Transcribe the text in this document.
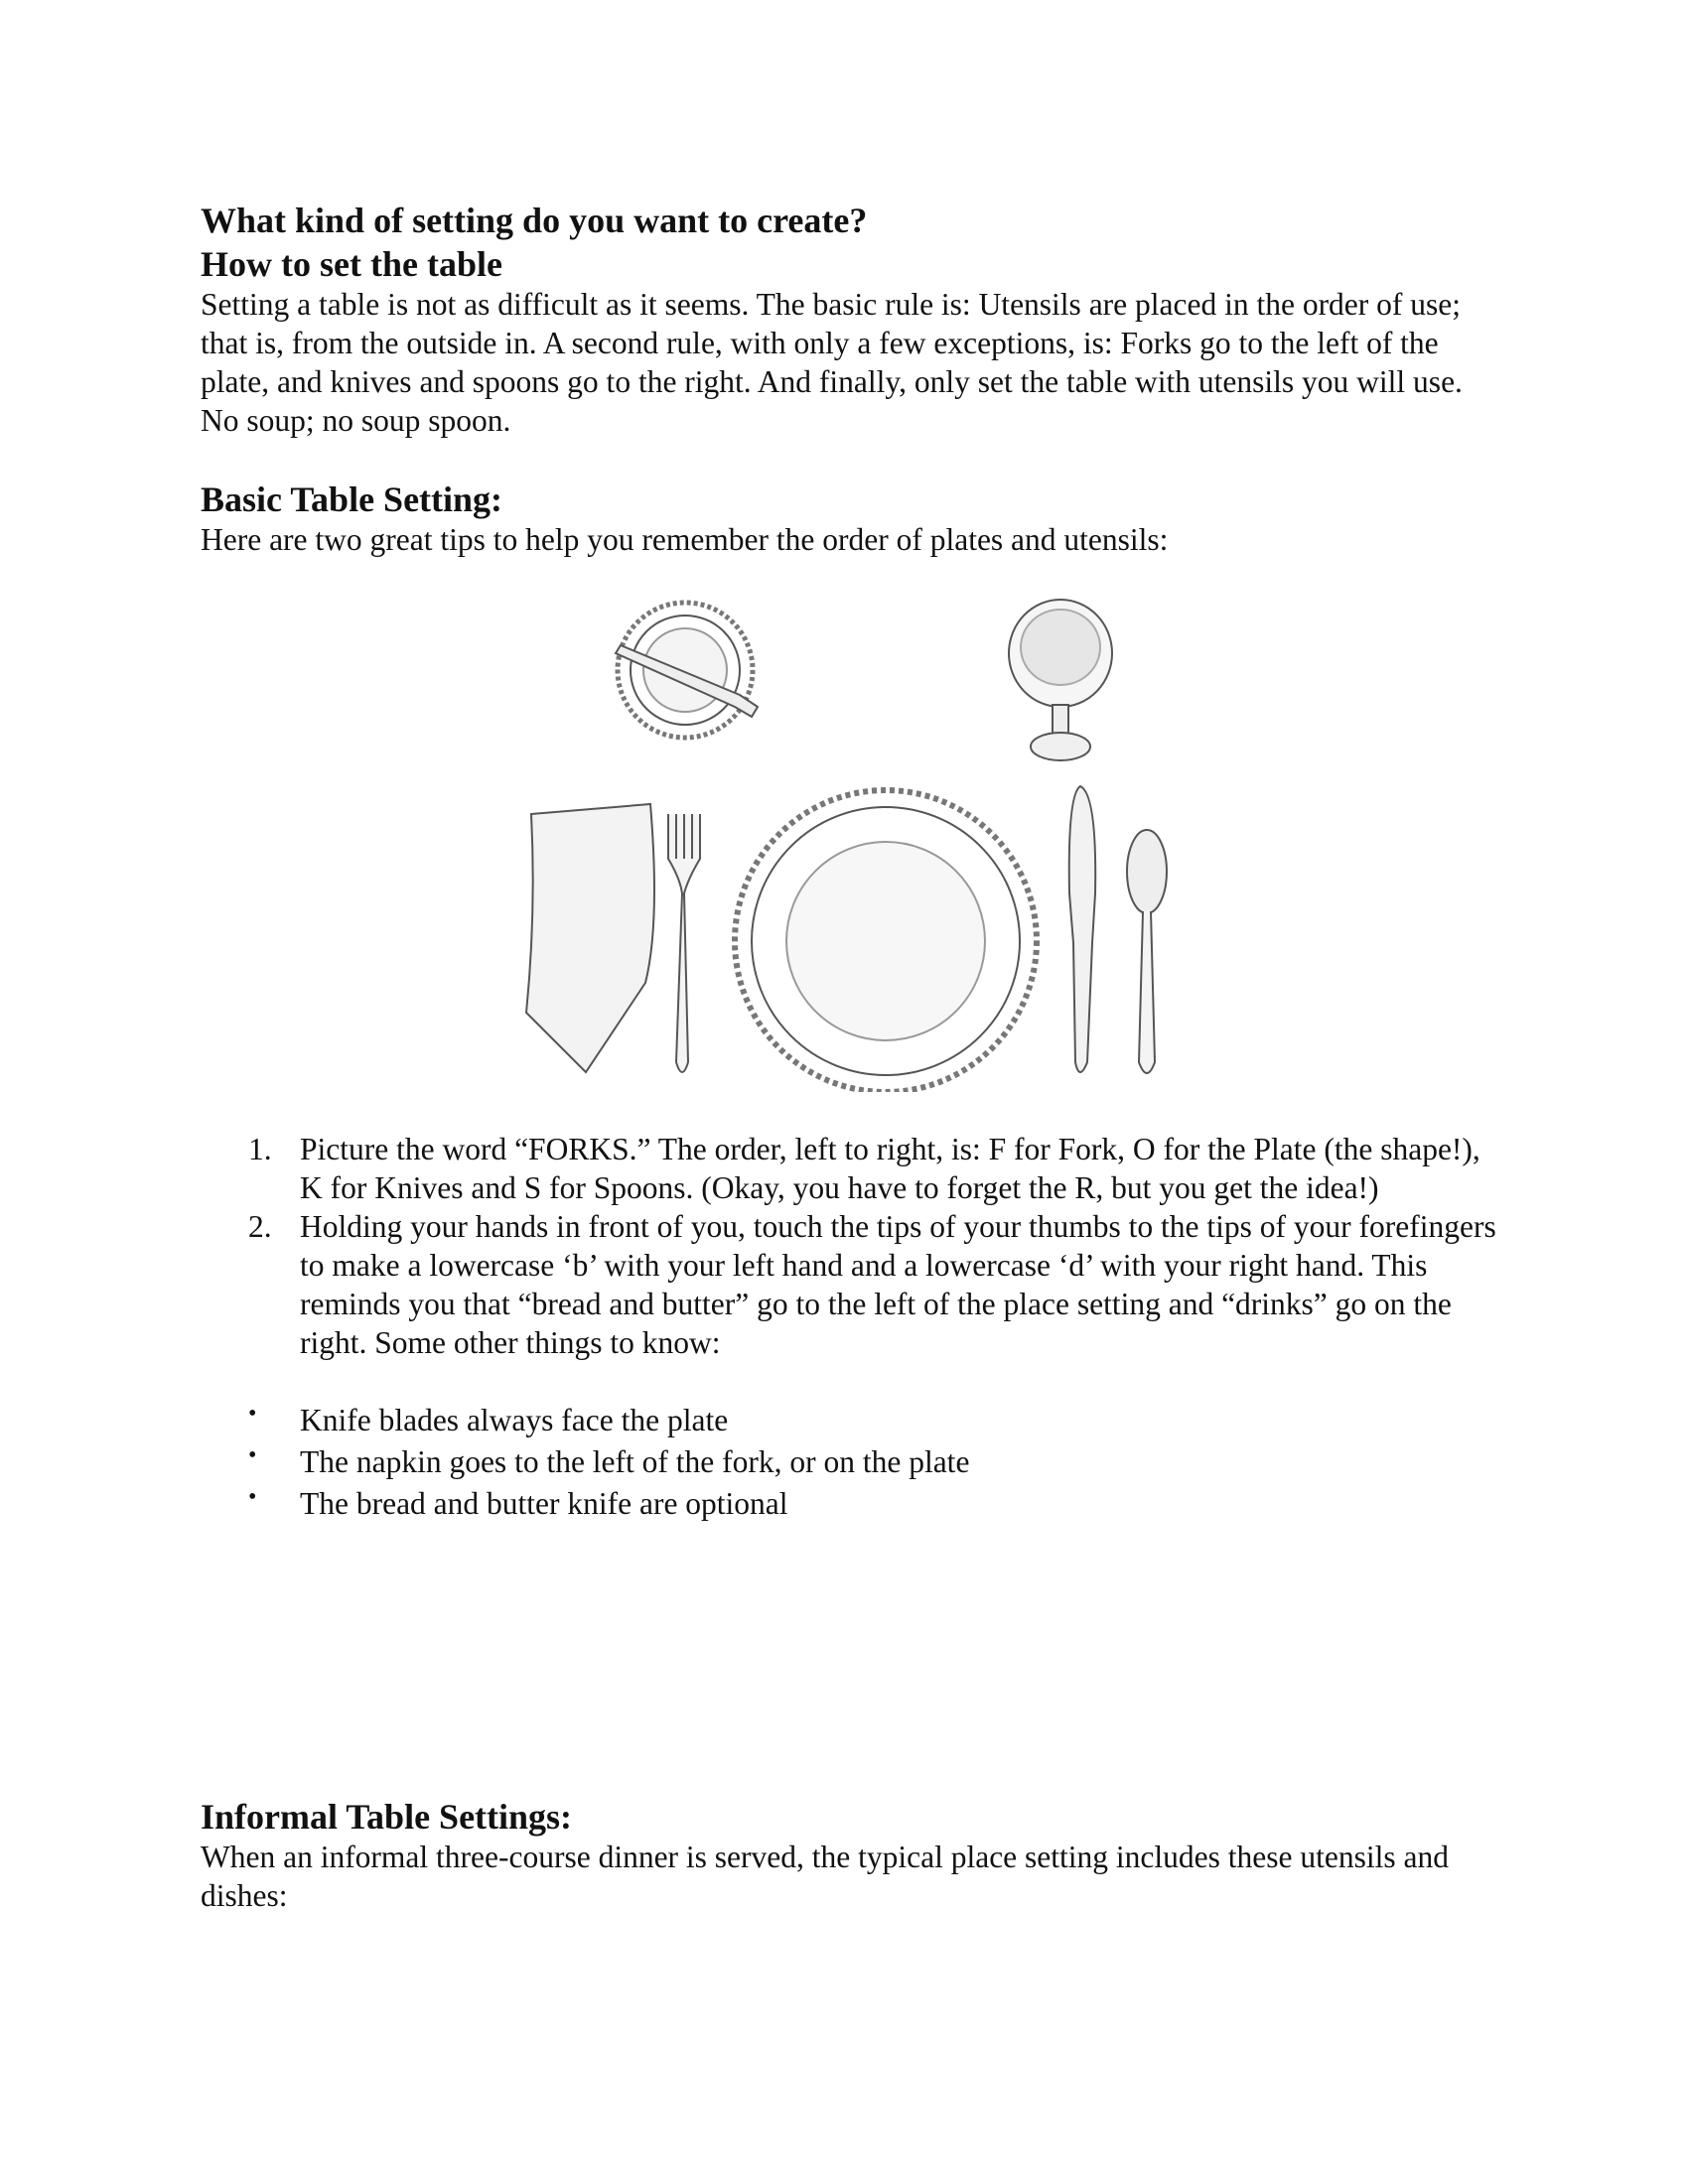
What kind of setting do you want to create?
How to set the table

Setting a table is not as difficult as it seems. The basic rule is: Utensils are placed in the order of use; that is, from the outside in. A second rule, with only a few exceptions, is: Forks go to the left of the plate, and knives and spoons go to the right. And finally, only set the table with utensils you will use. No soup; no soup spoon.

Basic Table Setting:

Here are two great tips to help you remember the order of plates and utensils:

1. Picture the word “FORKS.” The order, left to right, is: F for Fork, O for the Plate (the shape!), K for Knives and S for Spoons. (Okay, you have to forget the R, but you get the idea!)
2. Holding your hands in front of you, touch the tips of your thumbs to the tips of your forefingers to make a lowercase ‘b’ with your left hand and a lowercase ‘d’ with your right hand. This reminds you that “bread and butter” go to the left of the place setting and “drinks” go on the right. Some other things to know:
• Knife blades always face the plate
• The napkin goes to the left of the fork, or on the plate
• The bread and butter knife are optional
Informal Table Settings:

When an informal three-course dinner is served, the typical place setting includes these utensils and dishes:
